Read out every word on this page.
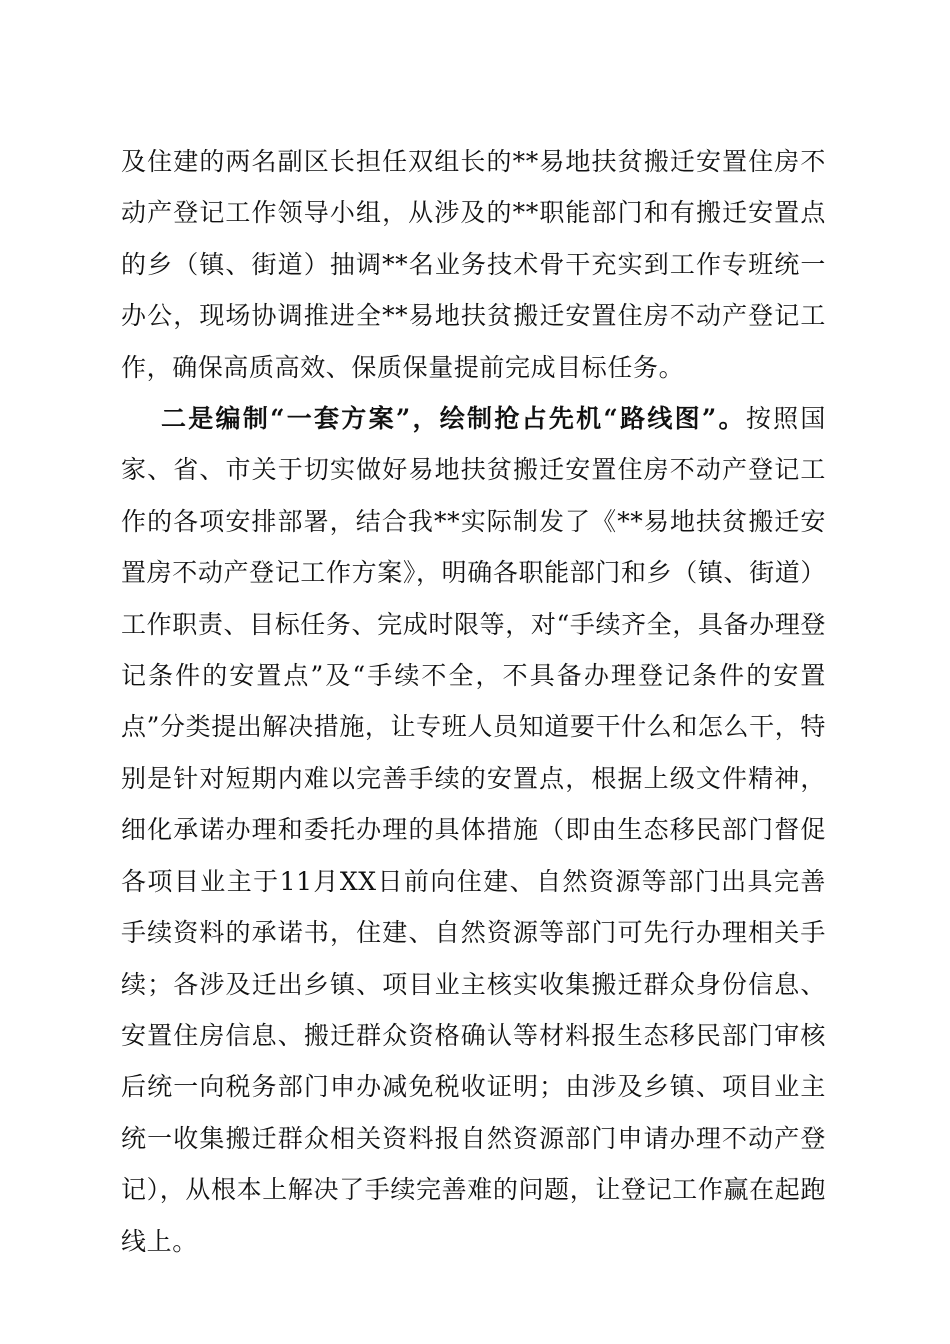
及住建的两名副区长担任双组长的**易地扶贫搬迁安置住房不动产登记工作领导小组，从涉及的**职能部门和有搬迁安置点的乡（镇、街道）抽调**名业务技术骨干充实到工作专班统一办公，现场协调推进全**易地扶贫搬迁安置住房不动产登记工作，确保高质高效、保质保量提前完成目标任务。

二是编制“一套方案”，绘制抢占先机“路线图”。按照国家、省、市关于切实做好易地扶贫搬迁安置住房不动产登记工作的各项安排部署，结合我**实际制发了《**易地扶贫搬迁安置房不动产登记工作方案》，明确各职能部门和乡（镇、街道）工作职责、目标任务、完成时限等，对“手续齐全，具备办理登记条件的安置点”及“手续不全，不具备办理登记条件的安置点”分类提出解决措施，让专班人员知道要干什么和怎么干，特别是针对短期内难以完善手续的安置点，根据上级文件精神，细化承诺办理和委托办理的具体措施（即由生态移民部门督促各项目业主于11月XX日前向住建、自然资源等部门出具完善手续资料的承诺书，住建、自然资源等部门可先行办理相关手续；各涉及迁出乡镇、项目业主核实收集搬迁群众身份信息、安置住房信息、搬迁群众资格确认等材料报生态移民部门审核后统一向税务部门申办减免税收证明；由涉及乡镇、项目业主统一收集搬迁群众相关资料报自然资源部门申请办理不动产登记），从根本上解决了手续完善难的问题，让登记工作赢在起跑线上。
